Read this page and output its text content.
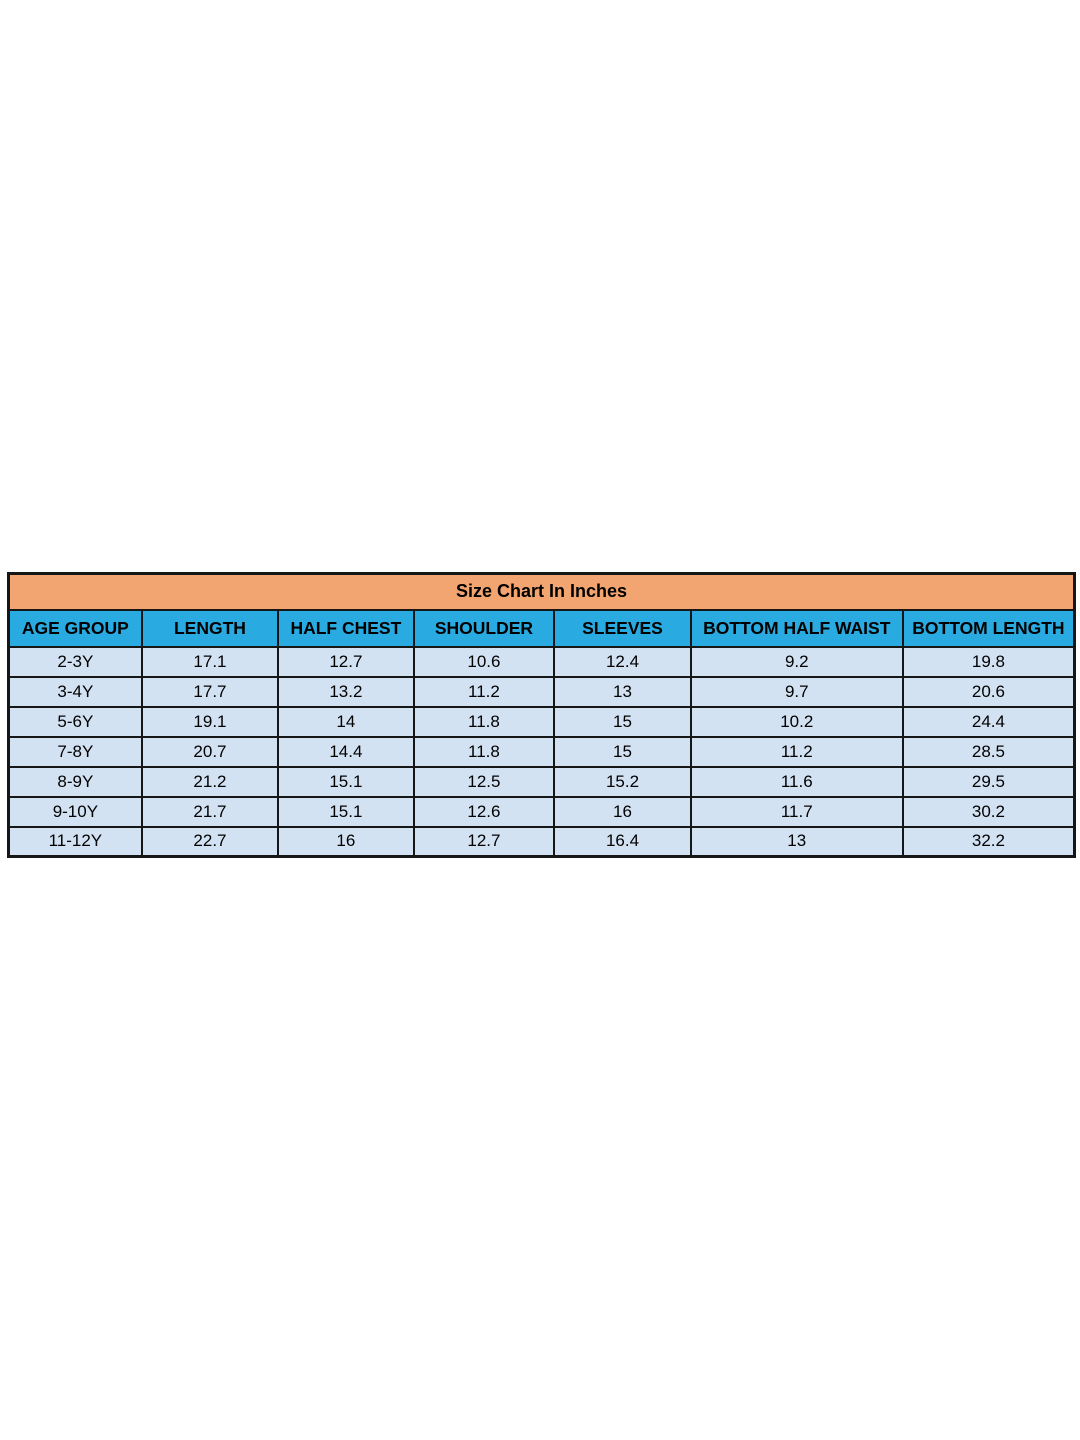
Size Chart In Inches						
AGE GROUP	LENGTH	HALF CHEST	SHOULDER	SLEEVES	BOTTOM HALF WAIST	BOTTOM LENGTH
2-3Y	17.1	12.7	10.6	12.4	9.2	19.8
3-4Y	17.7	13.2	11.2	13	9.7	20.6
5-6Y	19.1	14	11.8	15	10.2	24.4
7-8Y	20.7	14.4	11.8	15	11.2	28.5
8-9Y	21.2	15.1	12.5	15.2	11.6	29.5
9-10Y	21.7	15.1	12.6	16	11.7	30.2
11-12Y	22.7	16	12.7	16.4	13	32.2
